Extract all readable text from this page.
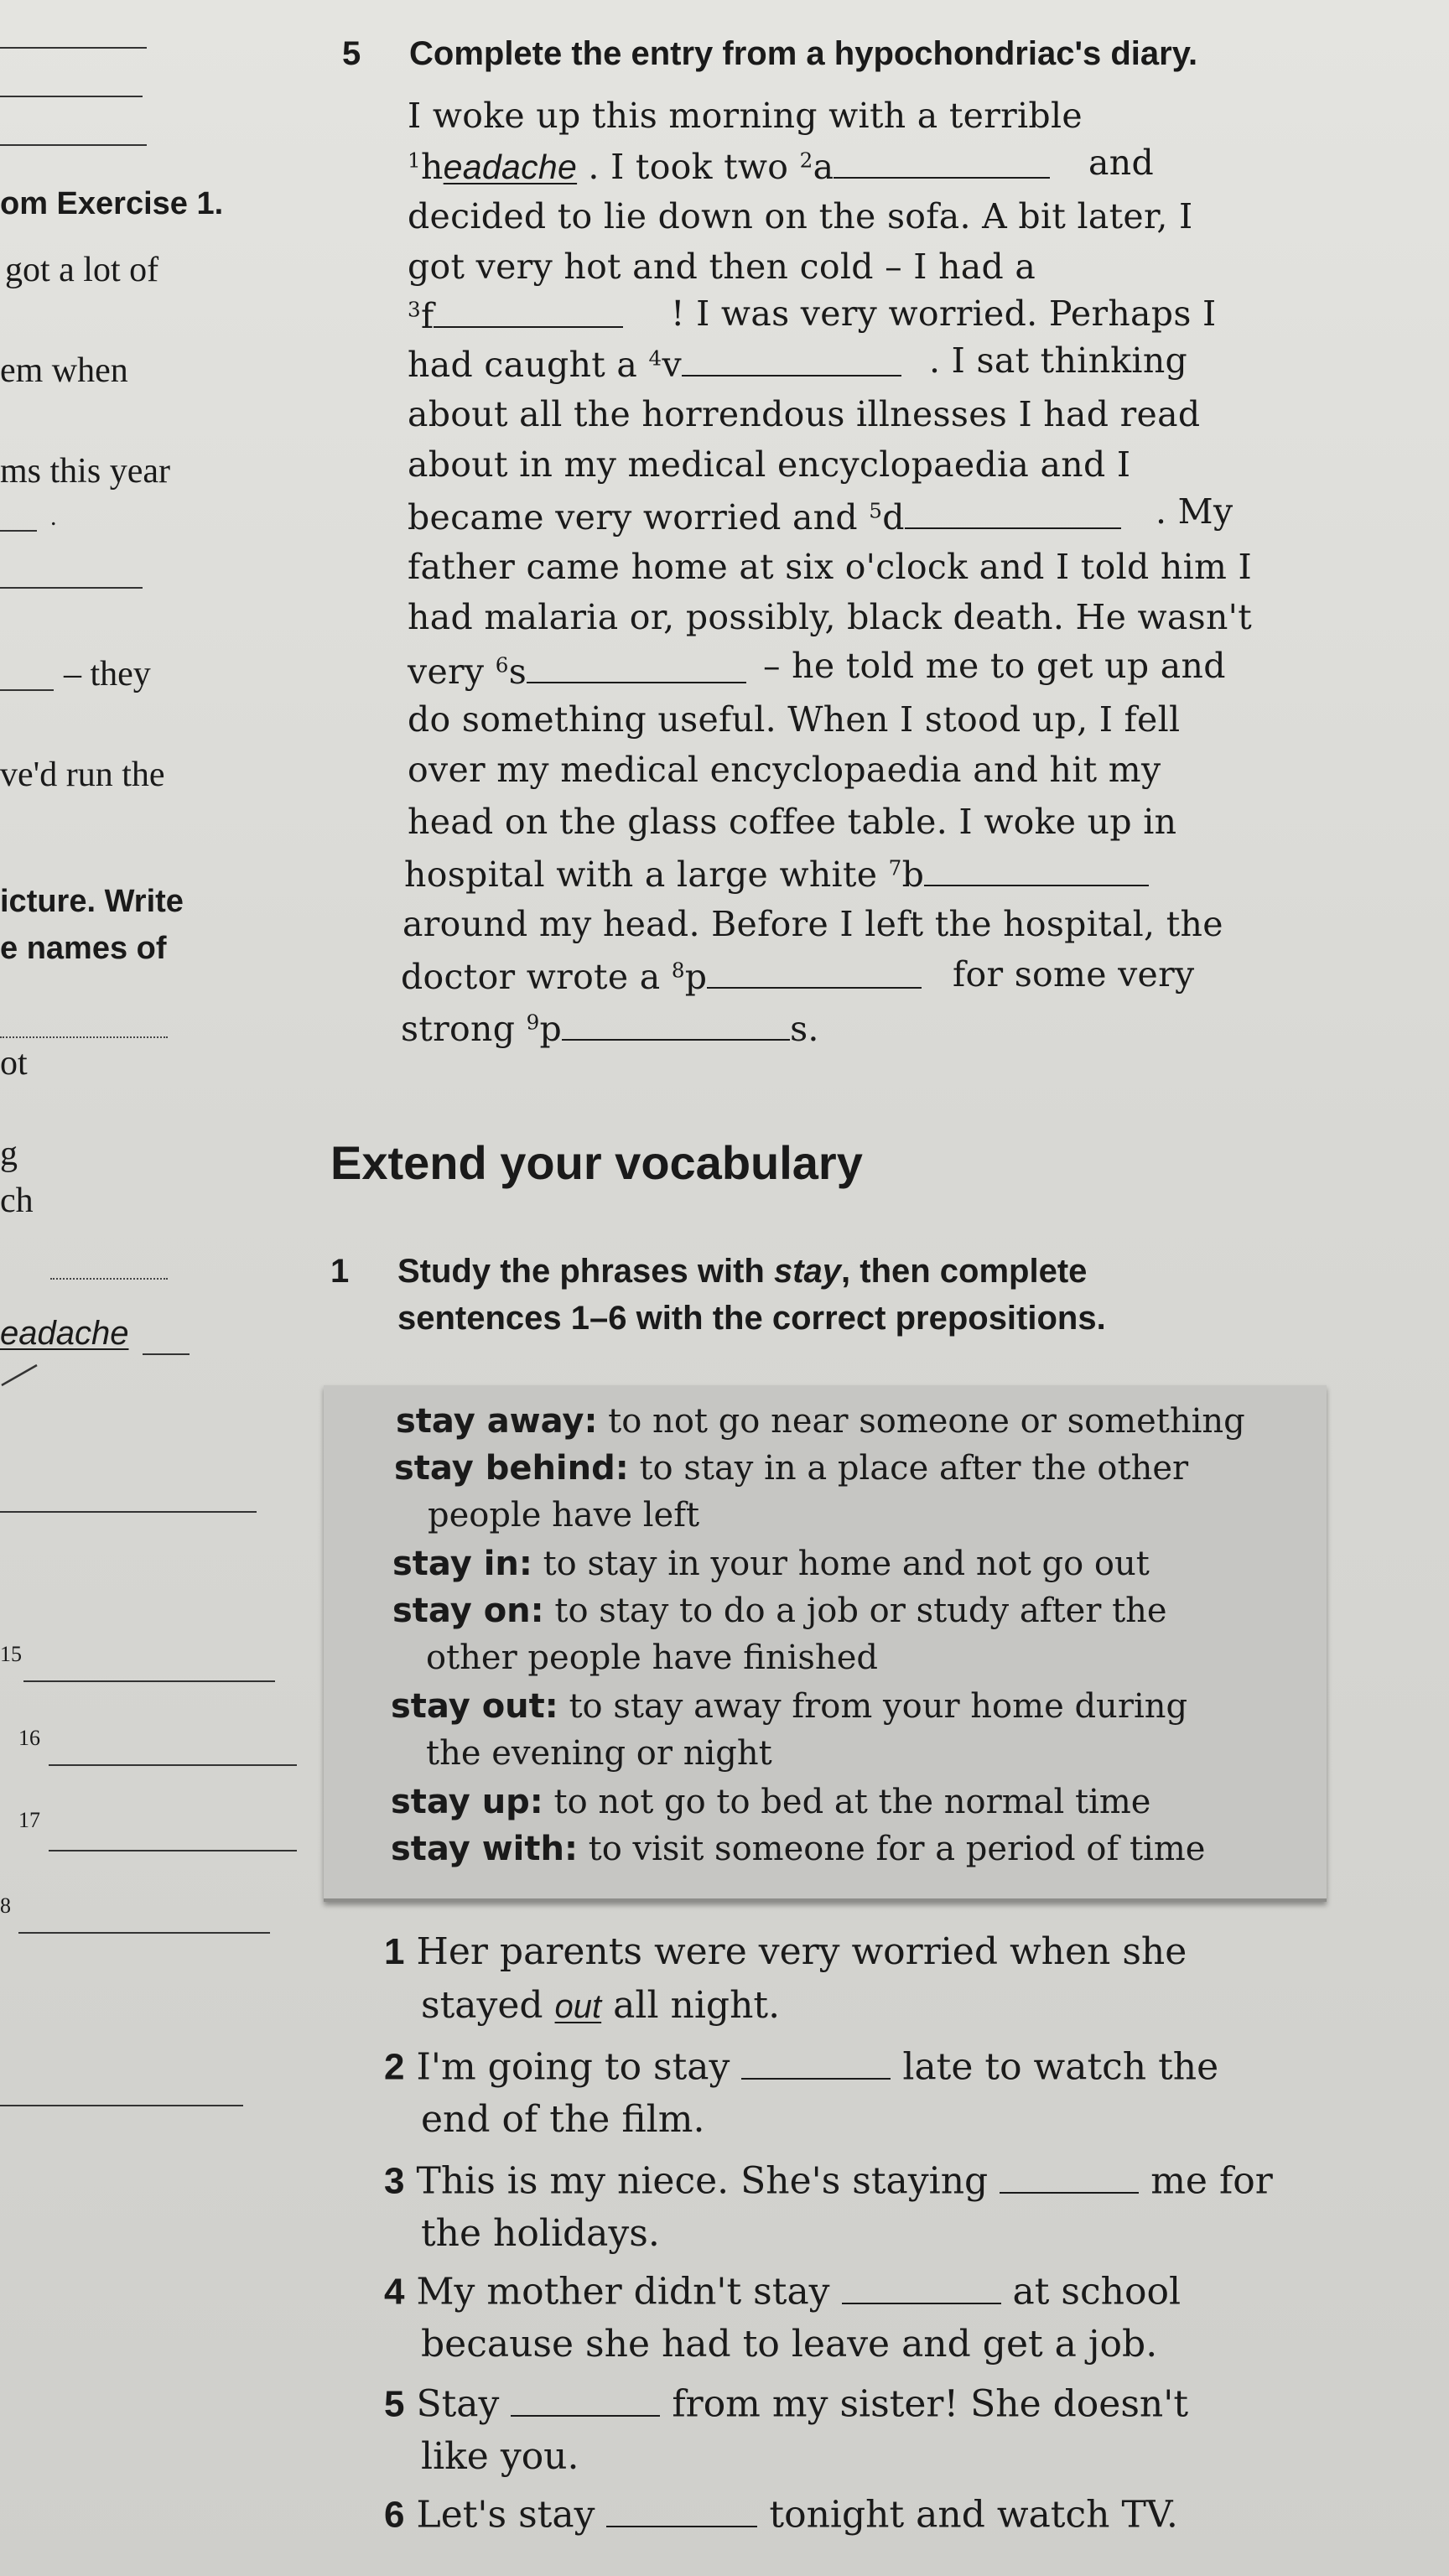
om Exercise 1.
got a lot of
em when
ms this year
.
– they
ve'd run the
icture. Write
e names of
ot
g
ch
eadache
15
16
17
8
5 Complete the entry from a hypochondriac's diary.
I woke up this morning with a terrible
$^1$headache . I took two $^2$a	and
decided to lie down on the sofa. A bit later, I
got very hot and then cold – I had a
$^3$f	! I was very worried. Perhaps I
had caught a $^4$v	. I sat thinking
about all the horrendous illnesses I had read
about in my medical encyclopaedia and I
became very worried and $^5$d	. My
father came home at six o'clock and I told him I
had malaria or, possibly, black death. He wasn't
very $^6$s	– he told me to get up and
do something useful. When I stood up, I fell
over my medical encyclopaedia and hit my
head on the glass coffee table. I woke up in
hospital with a large white $^7$b
around my head. Before I left the hospital, the
doctor wrote a $^8$p	for some very
strong $^9$p	s.
Extend your vocabulary
1 Study the phrases with stay, then complete
sentences 1–6 with the correct prepositions.
stay away: to not go near someone or something
stay behind: to stay in a place after the other
people have left
stay in: to stay in your home and not go out
stay on: to stay to do a job or study after the
other people have finished
stay out: to stay away from your home during
the evening or night
stay up: to not go to bed at the normal time
stay with: to visit someone for a period of time
1 Her parents were very worried when she
stayed out all night.
2 I'm going to stay	late to watch the
end of the film.
3 This is my niece. She's staying	me for
the holidays.
4 My mother didn't stay	at school
because she had to leave and get a job.
5 Stay	from my sister! She doesn't
like you.
6 Let's stay	tonight and watch TV.
